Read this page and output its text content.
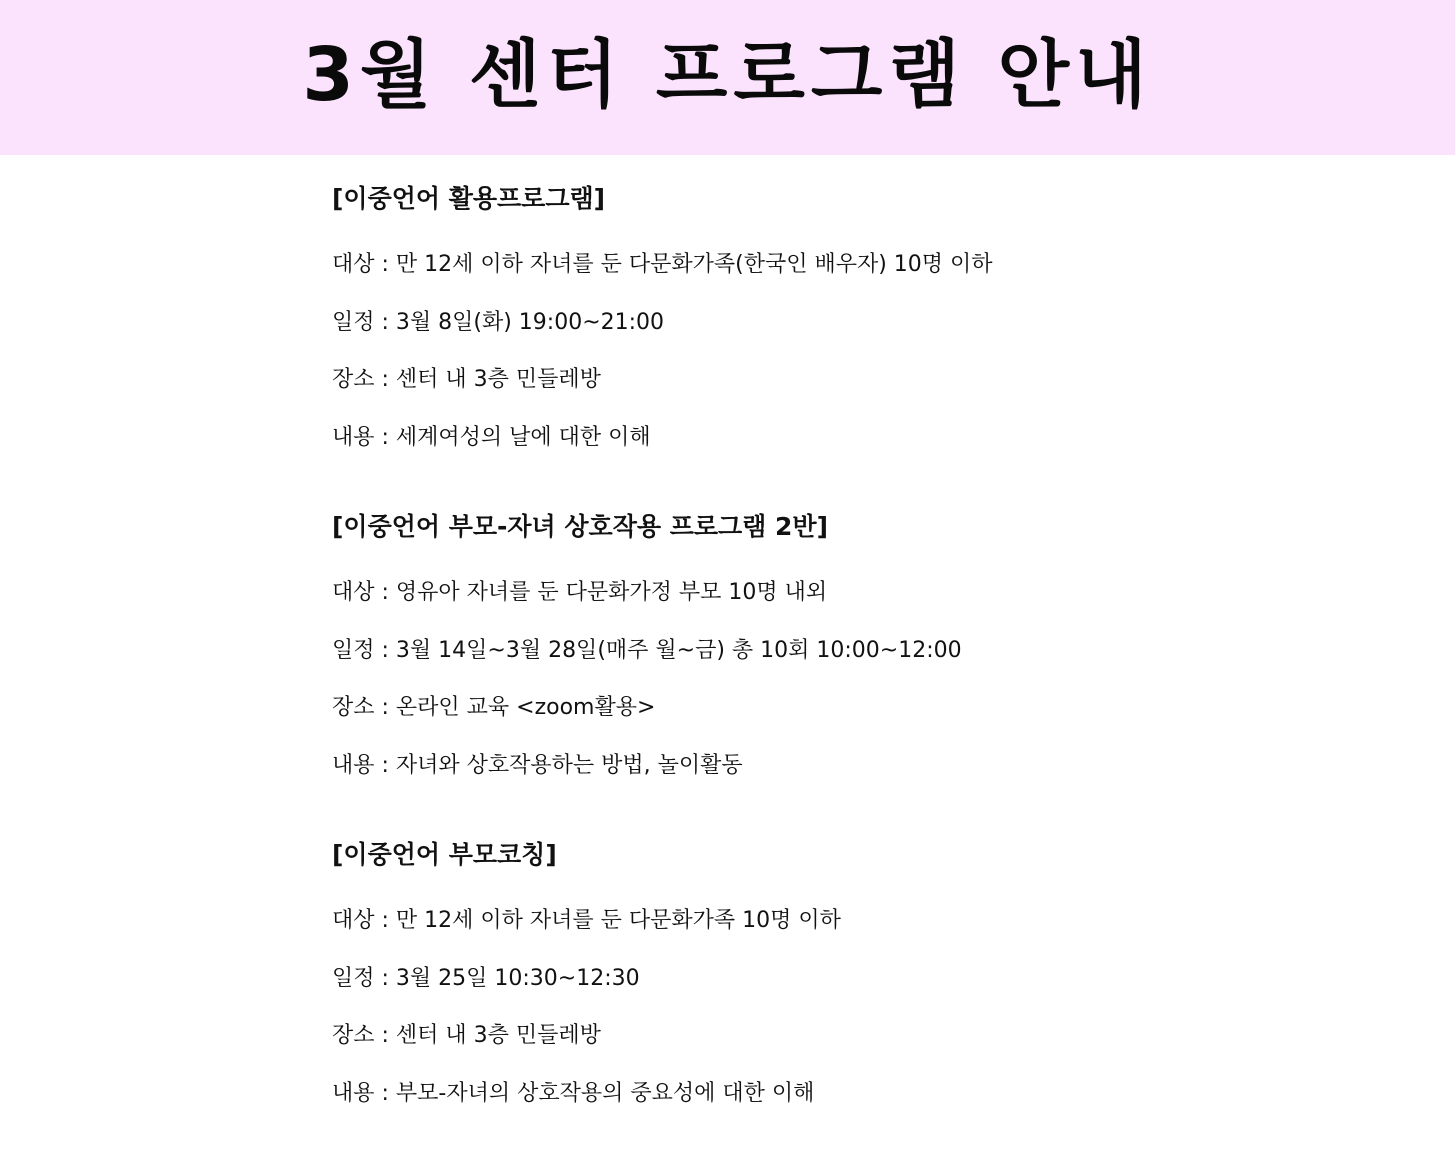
3월 센터 프로그램 안내
[이중언어 활용프로그램]
대상 : 만 12세 이하 자녀를 둔 다문화가족(한국인 배우자) 10명 이하
일정 : 3월 8일(화) 19:00~21:00
장소 : 센터 내 3층 민들레방
내용 : 세계여성의 날에 대한 이해
[이중언어 부모-자녀 상호작용 프로그램 2반]
대상 : 영유아 자녀를 둔 다문화가정 부모 10명 내외
일정 : 3월 14일~3월 28일(매주 월~금) 총 10회 10:00~12:00
장소 : 온라인 교육 <zoom활용>
내용 : 자녀와 상호작용하는 방법, 놀이활동
[이중언어 부모코칭]
대상 : 만 12세 이하 자녀를 둔 다문화가족 10명 이하
일정 : 3월 25일 10:30~12:30
장소 : 센터 내 3층 민들레방
내용 : 부모-자녀의 상호작용의 중요성에 대한 이해
